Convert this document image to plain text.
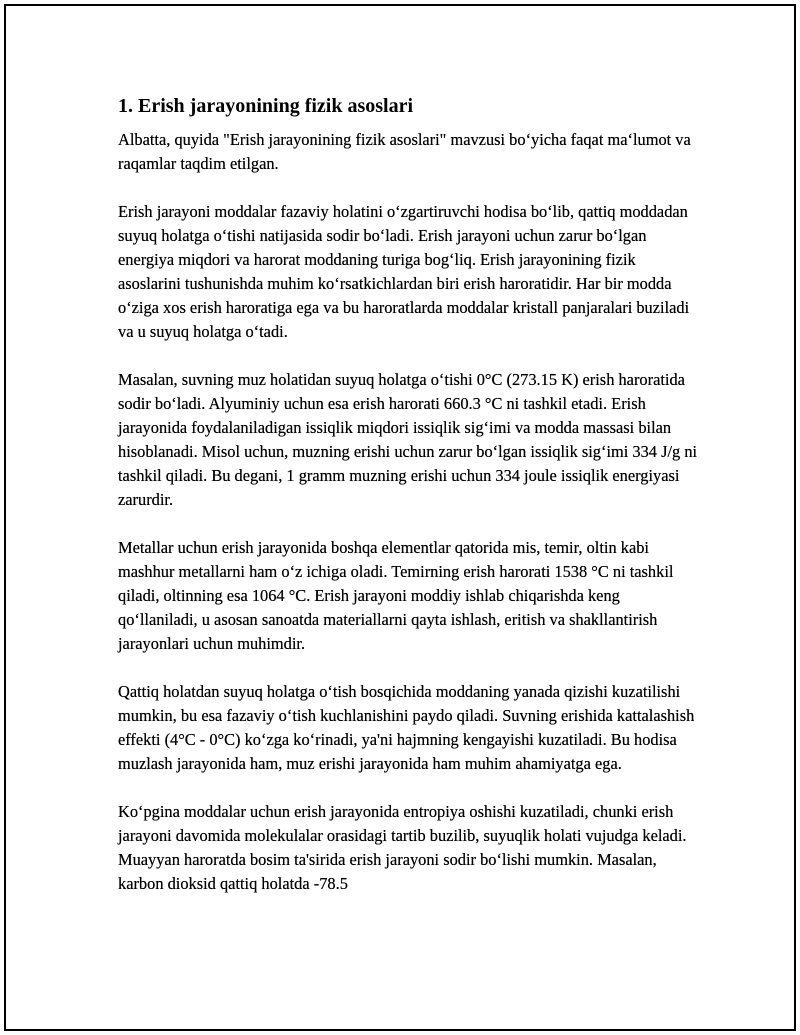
1. Erish jarayonining fizik asoslari

Albatta, quyida "Erish jarayonining fizik asoslari" mavzusi boʻyicha faqat maʻlumot va raqamlar taqdim etilgan.

Erish jarayoni moddalar fazaviy holatini oʻzgartiruvchi hodisa boʻlib, qattiq moddadan suyuq holatga oʻtishi natijasida sodir boʻladi. Erish jarayoni uchun zarur boʻlgan energiya miqdori va harorat moddaning turiga bogʻliq. Erish jarayonining fizik asoslarini tushunishda muhim koʻrsatkichlardan biri erish haroratidir. Har bir modda oʻziga xos erish haroratiga ega va bu haroratlarda moddalar kristall panjaralari buziladi va u suyuq holatga oʻtadi.

Masalan, suvning muz holatidan suyuq holatga oʻtishi 0°C (273.15 K) erish haroratida sodir boʻladi. Alyuminiy uchun esa erish harorati 660.3 °C ni tashkil etadi. Erish jarayonida foydalaniladigan issiqlik miqdori issiqlik sigʻimi va modda massasi bilan hisoblanadi. Misol uchun, muzning erishi uchun zarur boʻlgan issiqlik sigʻimi 334 J/g ni tashkil qiladi. Bu degani, 1 gramm muzning erishi uchun 334 joule issiqlik energiyasi zarurdir.

Metallar uchun erish jarayonida boshqa elementlar qatorida mis, temir, oltin kabi mashhur metallarni ham oʻz ichiga oladi. Temirning erish harorati 1538 °C ni tashkil qiladi, oltinning esa 1064 °C. Erish jarayoni moddiy ishlab chiqarishda keng qoʻllaniladi, u asosan sanoatda materiallarni qayta ishlash, eritish va shakllantirish jarayonlari uchun muhimdir.

Qattiq holatdan suyuq holatga oʻtish bosqichida moddaning yanada qizishi kuzatilishi mumkin, bu esa fazaviy oʻtish kuchlanishini paydo qiladi. Suvning erishida kattalashish effekti (4°C - 0°C) koʻzga koʻrinadi, ya'ni hajmning kengayishi kuzatiladi. Bu hodisa muzlash jarayonida ham, muz erishi jarayonida ham muhim ahamiyatga ega.

Koʻpgina moddalar uchun erish jarayonida entropiya oshishi kuzatiladi, chunki erish jarayoni davomida molekulalar orasidagi tartib buzilib, suyuqlik holati vujudga keladi. Muayyan haroratda bosim ta'sirida erish jarayoni sodir boʻlishi mumkin. Masalan, karbon dioksid qattiq holatda -78.5
